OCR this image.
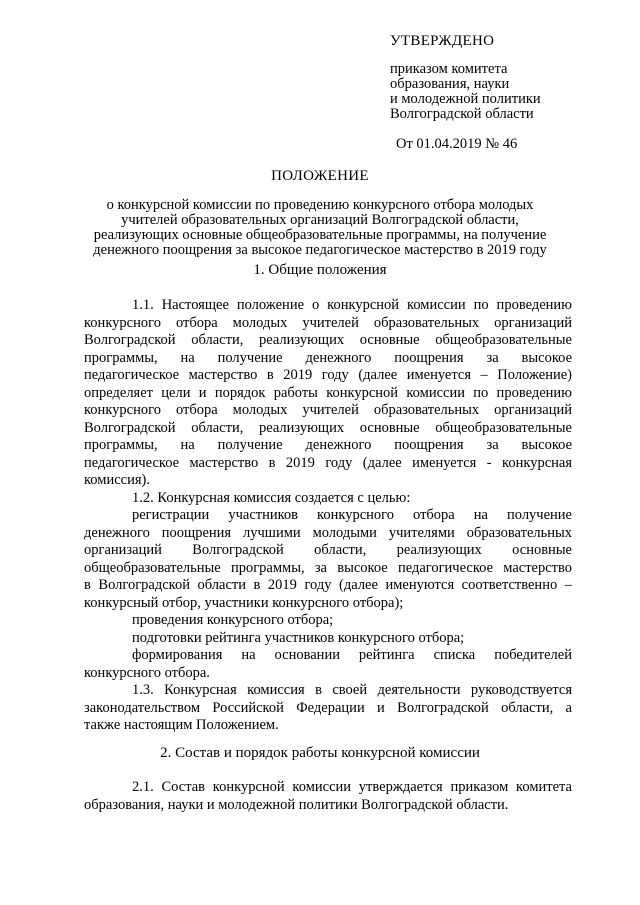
УТВЕРЖДЕНО
приказом комитета
образования, науки
и молодежной политики
Волгоградской области
От 01.04.2019 № 46
ПОЛОЖЕНИЕ
о конкурсной комиссии по проведению конкурсного отбора молодых
учителей образовательных организаций Волгоградской области,
реализующих основные общеобразовательные программы, на получение
денежного поощрения за высокое педагогическое мастерство в 2019 году
1. Общие положения
1.1. Настоящее положение о конкурсной комиссии по проведению
конкурсного отбора молодых учителей образовательных организаций
Волгоградской области, реализующих основные общеобразовательные
программы, на получение денежного поощрения за высокое
педагогическое мастерство в 2019 году (далее именуется – Положение)
определяет цели и порядок работы конкурсной комиссии по проведению
конкурсного отбора молодых учителей образовательных организаций
Волгоградской области, реализующих основные общеобразовательные
программы, на получение денежного поощрения за высокое
педагогическое мастерство в 2019 году (далее именуется - конкурсная
комиссия).
1.2. Конкурсная комиссия создается с целью:
регистрации участников конкурсного отбора на получение
денежного поощрения лучшими молодыми учителями образовательных
организаций Волгоградской области, реализующих основные
общеобразовательные программы, за высокое педагогическое мастерство
в Волгоградской области в 2019 году (далее именуются соответственно –
конкурсный отбор, участники конкурсного отбора);
проведения конкурсного отбора;
подготовки рейтинга участников конкурсного отбора;
формирования на основании рейтинга списка победителей
конкурсного отбора.
1.3. Конкурсная комиссия в своей деятельности руководствуется
законодательством Российской Федерации и Волгоградской области, а
также настоящим Положением.
2. Состав и порядок работы конкурсной комиссии
2.1. Состав конкурсной комиссии утверждается приказом комитета
образования, науки и молодежной политики Волгоградской области.
